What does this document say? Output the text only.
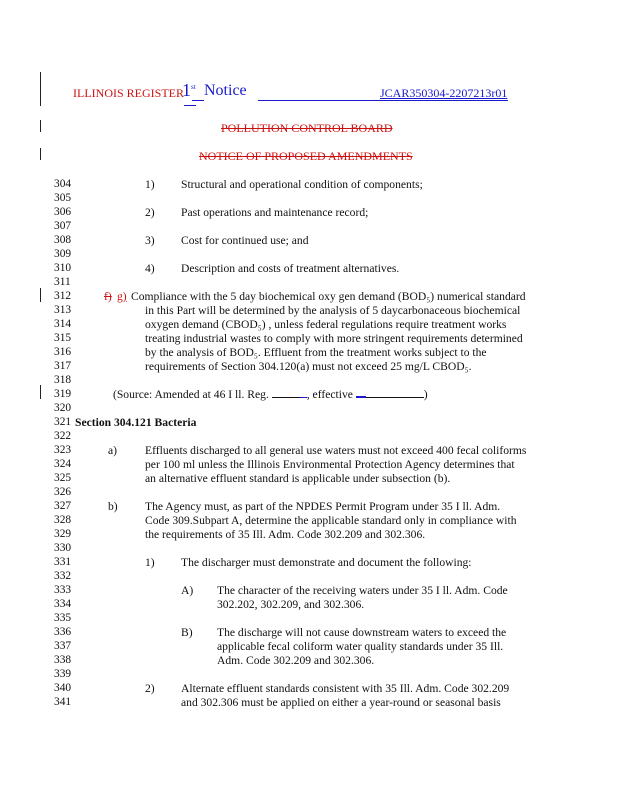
ILLINOIS REGISTER
1st Notice	JCAR350304-2207213r01
POLLUTION CONTROL BOARD
NOTICE OF PROPOSED AMENDMENTS
304
305
306
307
308
309
310
311
312
313
314
315
316
317
318
319
320
321
322
323
324
325
326
327
328
329
330
331
332
333
334
335
336
337
338
339
340
341
1) Structural and operational condition of components;
2) Past operations and maintenance record;
3) Cost for continued use; and
4) Description and costs of treatment alternatives.
f) g) Compliance with the 5 day biochemical oxy gen demand (BOD₅) numerical standard
in this Part will be determined by the analysis of 5 daycarbonaceous biochemical
oxygen demand (CBOD₅) , unless federal regulations require treatment works
treating industrial wastes to comply with more stringent requirements determined
by the analysis of BOD₅. Effluent from the treatment works subject to the
requirements of Section 304.120(a) must not exceed 25 mg/L CBOD₅.
(Source: Amended at 46 I ll. Reg.	, effective	)
Section 304.121 Bacteria
a) Effluents discharged to all general use waters must not exceed 400 fecal coliforms
per 100 ml unless the Illinois Environmental Protection Agency determines that
an alternative effluent standard is applicable under subsection (b).
b) The Agency must, as part of the NPDES Permit Program under 35 I ll. Adm.
Code 309.Subpart A, determine the applicable standard only in compliance with
the requirements of 35 Ill. Adm. Code 302.209 and 302.306.
1) The discharger must demonstrate and document the following:
A) The character of the receiving waters under 35 I ll. Adm. Code
302.202, 302.209, and 302.306.
B) The discharge will not cause downstream waters to exceed the
applicable fecal coliform water quality standards under 35 Ill.
Adm. Code 302.209 and 302.306.
2) Alternate effluent standards consistent with 35 Ill. Adm. Code 302.209
and 302.306 must be applied on either a year-round or seasonal basis
